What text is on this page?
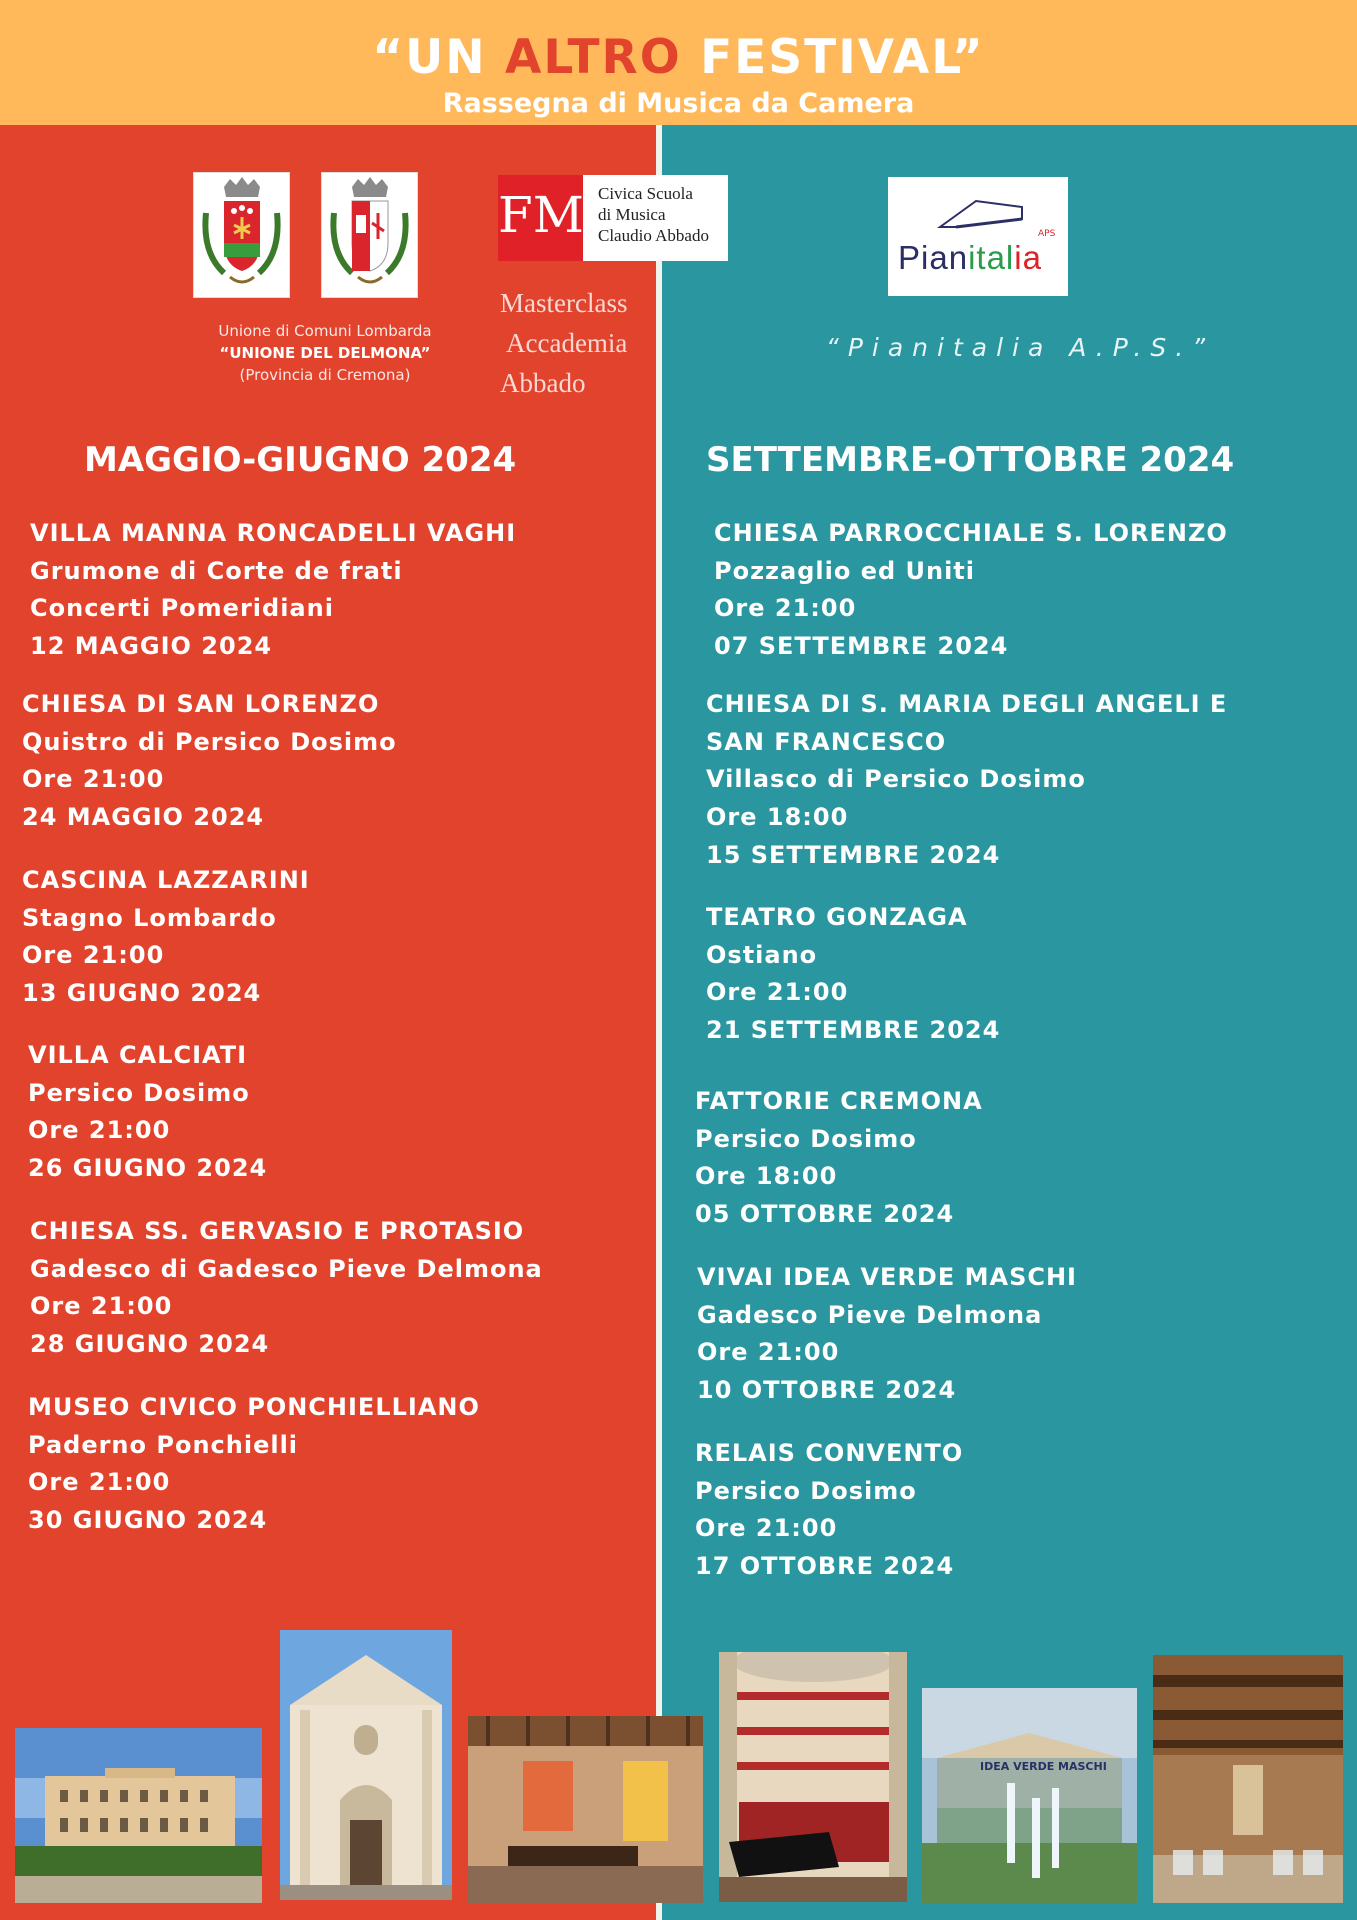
“UN ALTRO FESTIVAL”
Rassegna di Musica da Camera
Unione di Comuni Lombarda
“UNIONE DEL DELMONA”
(Provincia di Cremona)
FM Civica Scuola
di Musica
Claudio Abbado
Masterclass
Accademia
Abbado
Pianitalia
APS
“Pianitalia A.P.S.”
MAGGIO-GIUGNO 2024
VILLA MANNA RONCADELLI VAGHI
Grumone di Corte de frati
Concerti Pomeridiani
12 MAGGIO 2024
CHIESA DI SAN LORENZO
Quistro di Persico Dosimo
Ore 21:00
24 MAGGIO 2024
CASCINA LAZZARINI
Stagno Lombardo
Ore 21:00
13 GIUGNO 2024
VILLA CALCIATI
Persico Dosimo
Ore 21:00
26 GIUGNO 2024
CHIESA SS. GERVASIO E PROTASIO
Gadesco di Gadesco Pieve Delmona
Ore 21:00
28 GIUGNO 2024
MUSEO CIVICO PONCHIELLIANO
Paderno Ponchielli
Ore 21:00
30 GIUGNO 2024
SETTEMBRE-OTTOBRE 2024
CHIESA PARROCCHIALE S. LORENZO
Pozzaglio ed Uniti
Ore 21:00
07 SETTEMBRE 2024
CHIESA DI S. MARIA DEGLI ANGELI E
SAN FRANCESCO
Villasco di Persico Dosimo
Ore 18:00
15 SETTEMBRE 2024
TEATRO GONZAGA
Ostiano
Ore 21:00
21 SETTEMBRE 2024
FATTORIE CREMONA
Persico Dosimo
Ore 18:00
05 OTTOBRE 2024
VIVAI IDEA VERDE MASCHI
Gadesco Pieve Delmona
Ore 21:00
10 OTTOBRE 2024
RELAIS CONVENTO
Persico Dosimo
Ore 21:00
17 OTTOBRE 2024
IDEA VERDE MASCHI
